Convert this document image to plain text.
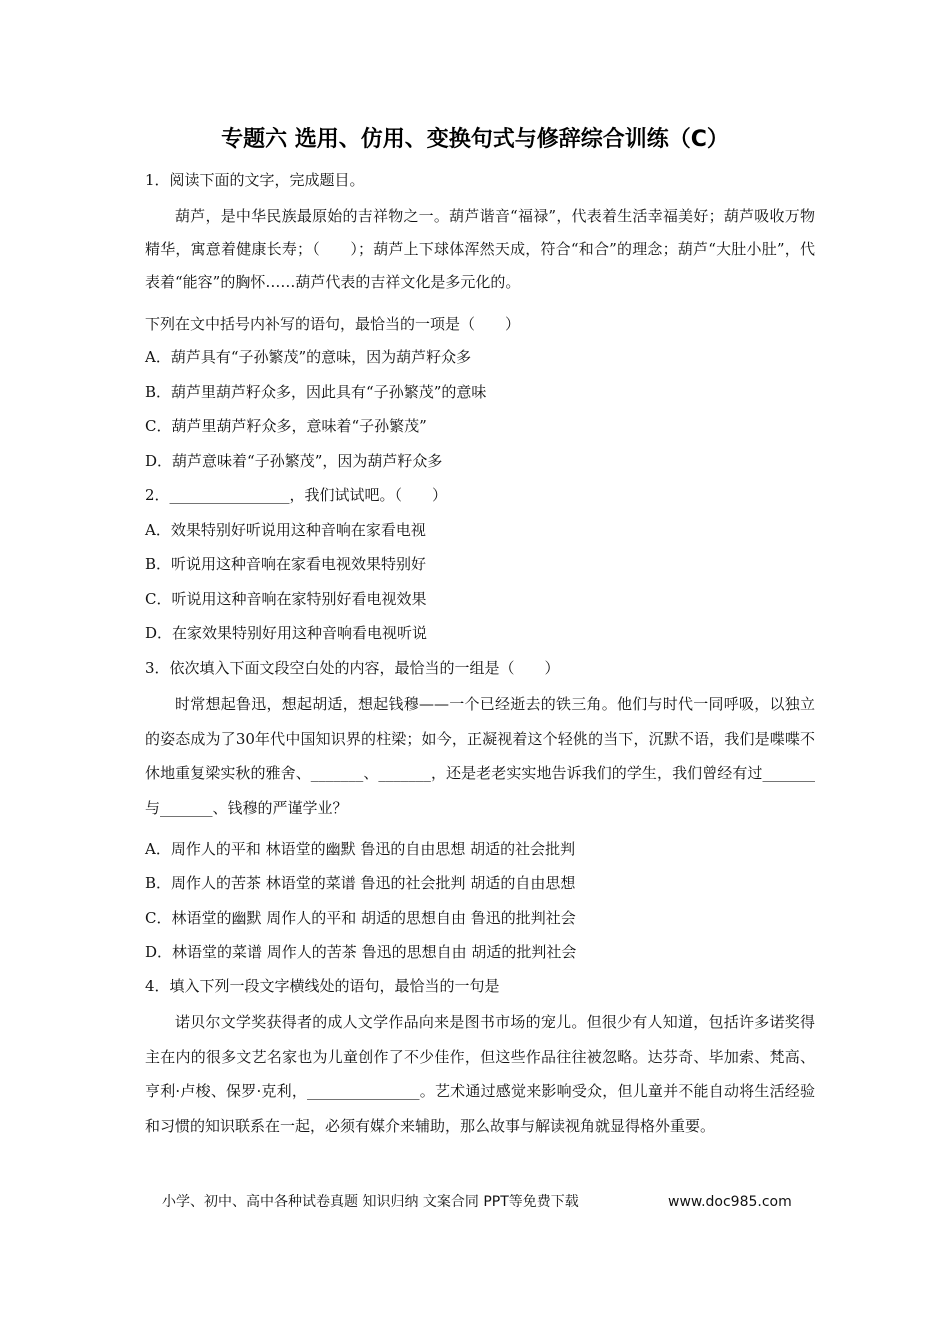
专题六 选用、仿用、变换句式与修辞综合训练（C）
1．阅读下面的文字，完成题目。
葫芦，是中华民族最原始的吉祥物之一。葫芦谐音“福禄”，代表着生活幸福美好；葫芦吸收万物精华，寓意着健康长寿；（　　）；葫芦上下球体浑然天成，符合“和合”的理念；葫芦“大肚小肚”，代表着“能容”的胸怀……葫芦代表的吉祥文化是多元化的。
下列在文中括号内补写的语句，最恰当的一项是（　　）
A．葫芦具有“子孙繁茂”的意味，因为葫芦籽众多
B．葫芦里葫芦籽众多，因此具有“子孙繁茂”的意味
C．葫芦里葫芦籽众多，意味着“子孙繁茂”
D．葫芦意味着“子孙繁茂”，因为葫芦籽众多
2．________________，我们试试吧。（　　）
A．效果特别好听说用这种音响在家看电视
B．听说用这种音响在家看电视效果特别好
C．听说用这种音响在家特别好看电视效果
D．在家效果特别好用这种音响看电视听说
3．依次填入下面文段空白处的内容，最恰当的一组是（　　）
时常想起鲁迅，想起胡适，想起钱穆——一个已经逝去的铁三角。他们与时代一同呼吸，以独立的姿态成为了30年代中国知识界的柱梁；如今，正凝视着这个轻佻的当下，沉默不语，我们是喋喋不休地重复梁实秋的雅舍、_______、_______，还是老老实实地告诉我们的学生，我们曾经有过_______与_______、钱穆的严谨学业？
A．周作人的平和 林语堂的幽默 鲁迅的自由思想 胡适的社会批判
B．周作人的苦茶 林语堂的菜谱 鲁迅的社会批判 胡适的自由思想
C．林语堂的幽默 周作人的平和 胡适的思想自由 鲁迅的批判社会
D．林语堂的菜谱 周作人的苦茶 鲁迅的思想自由 胡适的批判社会
4．填入下列一段文字横线处的语句，最恰当的一句是
诺贝尔文学奖获得者的成人文学作品向来是图书市场的宠儿。但很少有人知道，包括许多诺奖得主在内的很多文艺名家也为儿童创作了不少佳作，但这些作品往往被忽略。达芬奇、毕加索、梵高、亨利·卢梭、保罗·克利，_______________。艺术通过感觉来影响受众，但儿童并不能自动将生活经验和习惯的知识联系在一起，必须有媒介来辅助，那么故事与解读视角就显得格外重要。
小学、初中、高中各种试卷真题 知识归纳 文案合同 PPT等免费下载	www.doc985.com
